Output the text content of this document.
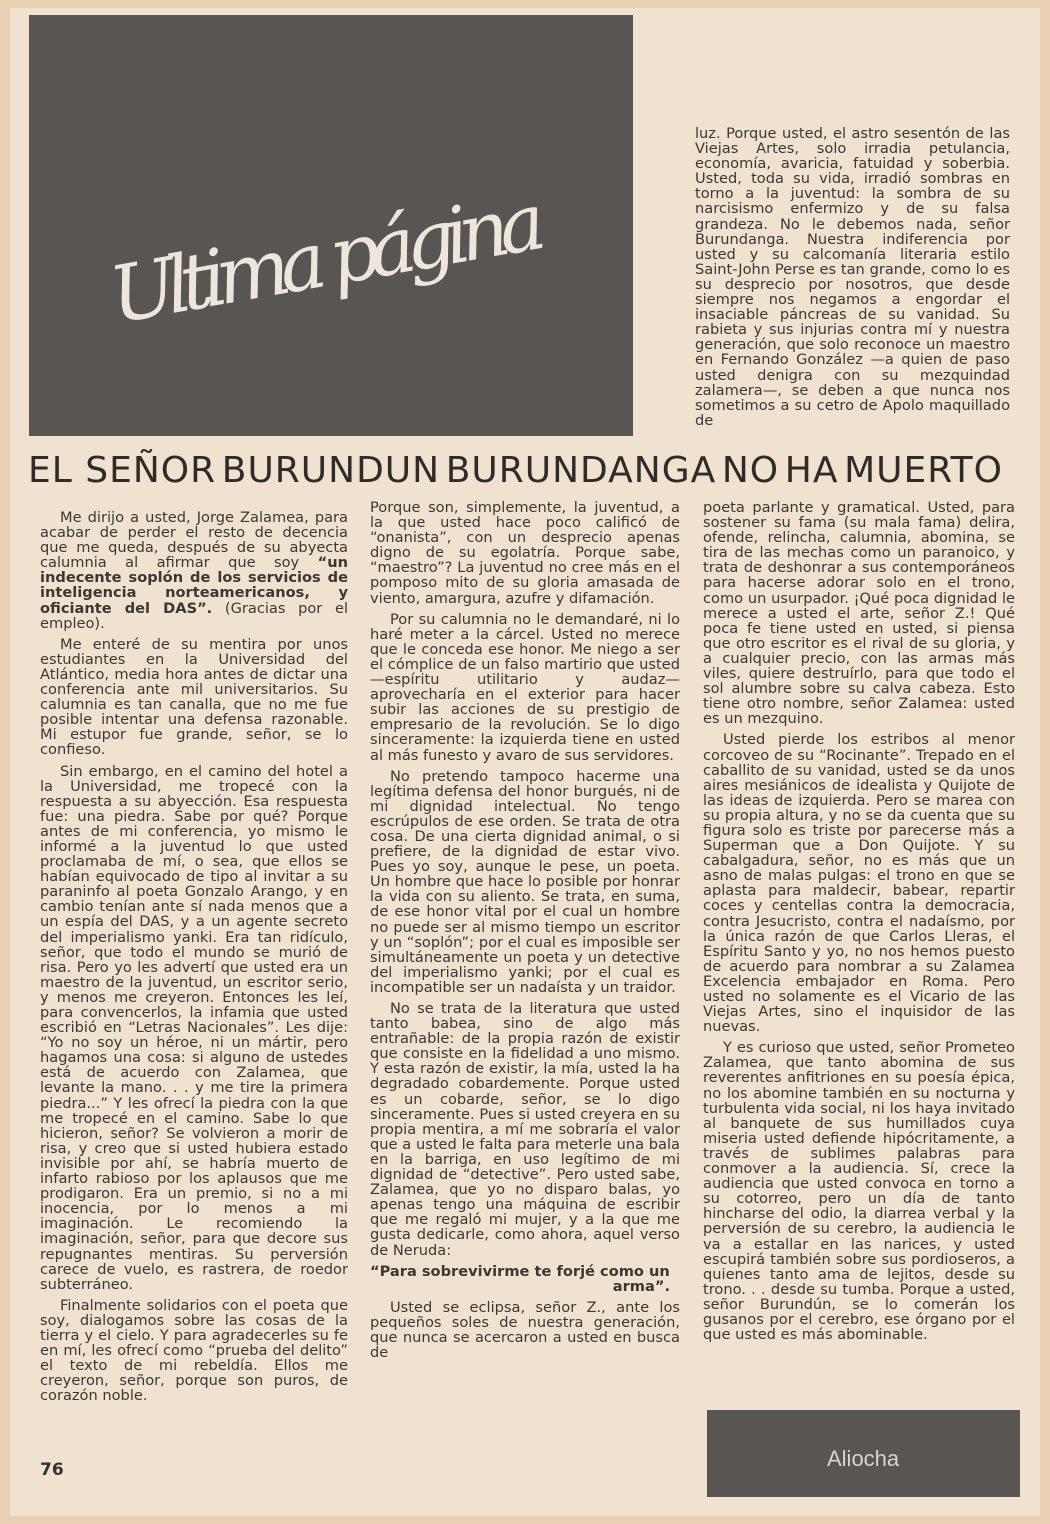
Ultima página

luz. Porque usted, el astro sesentón de las Viejas Artes, solo irradia petulancia, economía, avaricia, fatuidad y soberbia. Usted, toda su vida, irradió sombras en torno a la juventud: la sombra de su narcisismo enfermizo y de su falsa grandeza. No le debemos nada, señor Burundanga. Nuestra indiferencia por usted y su calcomanía literaria estilo Saint-John Perse es tan grande, como lo es su desprecio por nosotros, que desde siempre nos negamos a engordar el insaciable páncreas de su vanidad. Su rabieta y sus injurias contra mí y nuestra generación, que solo reconoce un maestro en Fernando González —a quien de paso usted denigra con su mezquindad zalamera—, se deben a que nunca nos sometimos a su cetro de Apolo maquillado de

EL SEÑOR BURUNDUN BURUNDANGA NO HA MUERTO

Me dirijo a usted, Jorge Zalamea, para acabar de perder el resto de decencia que me queda, después de su abyecta calumnia al afirmar que soy “un indecente soplón de los servicios de inteligencia norteamericanos, y oficiante del DAS”. (Gracias por el empleo).

Me enteré de su mentira por unos estudiantes en la Universidad del Atlántico, media hora antes de dictar una conferencia ante mil universitarios. Su calumnia es tan canalla, que no me fue posible intentar una defensa razonable. Mi estupor fue grande, señor, se lo confieso.

Sin embargo, en el camino del hotel a la Universidad, me tropecé con la respuesta a su abyección. Esa respuesta fue: una piedra. Sabe por qué? Porque antes de mi conferencia, yo mismo le informé a la juventud lo que usted proclamaba de mí, o sea, que ellos se habían equivocado de tipo al invitar a su paraninfo al poeta Gonzalo Arango, y en cambio tenían ante sí nada menos que a un espía del DAS, y a un agente secreto del imperialismo yanki. Era tan ridículo, señor, que todo el mundo se murió de risa. Pero yo les advertí que usted era un maestro de la juventud, un escritor serio, y menos me creyeron. Entonces les leí, para convencerlos, la infamia que usted escribió en “Letras Nacionales”. Les dije: “Yo no soy un héroe, ni un mártir, pero hagamos una cosa: si alguno de ustedes está de acuerdo con Zalamea, que levante la mano. . . y me tire la primera piedra...” Y les ofrecí la piedra con la que me tropecé en el camino. Sabe lo que hicieron, señor? Se volvieron a morir de risa, y creo que si usted hubiera estado invisible por ahí, se habría muerto de infarto rabioso por los aplausos que me prodigaron. Era un premio, si no a mi inocencia, por lo menos a mi imaginación. Le recomiendo la imaginación, señor, para que decore sus repugnantes mentiras. Su perversión carece de vuelo, es rastrera, de roedor subterráneo.

Finalmente solidarios con el poeta que soy, dialogamos sobre las cosas de la tierra y el cielo. Y para agradecerles su fe en mí, les ofrecí como “prueba del delito” el texto de mi rebeldía. Ellos me creyeron, señor, porque son puros, de corazón noble.

Porque son, simplemente, la juventud, a la que usted hace poco calificó de “onanista”, con un desprecio apenas digno de su egolatría. Porque sabe, “maestro”? La juventud no cree más en el pomposo mito de su gloria amasada de viento, amargura, azufre y difamación.

Por su calumnia no le demandaré, ni lo haré meter a la cárcel. Usted no merece que le conceda ese honor. Me niego a ser el cómplice de un falso martirio que usted —espíritu utilitario y audaz— aprovecharía en el exterior para hacer subir las acciones de su prestigio de empresario de la revolución. Se lo digo sinceramente: la izquierda tiene en usted al más funesto y avaro de sus servidores.

No pretendo tampoco hacerme una legítima defensa del honor burgués, ni de mi dignidad intelectual. No tengo escrúpulos de ese orden. Se trata de otra cosa. De una cierta dignidad animal, o si prefiere, de la dignidad de estar vivo. Pues yo soy, aunque le pese, un poeta. Un hombre que hace lo posible por honrar la vida con su aliento. Se trata, en suma, de ese honor vital por el cual un hombre no puede ser al mismo tiempo un escritor y un “soplón”; por el cual es imposible ser simultáneamente un poeta y un detective del imperialismo yanki; por el cual es incompatible ser un nadaísta y un traidor.

No se trata de la literatura que usted tanto babea, sino de algo más entrañable: de la propia razón de existir que consiste en la fidelidad a uno mismo. Y esta razón de existir, la mía, usted la ha degradado cobardemente. Porque usted es un cobarde, señor, se lo digo sinceramente. Pues si usted creyera en su propia mentira, a mí me sobraría el valor que a usted le falta para meterle una bala en la barriga, en uso legítimo de mi dignidad de “detective”. Pero usted sabe, Zalamea, que yo no disparo balas, yo apenas tengo una máquina de escribir que me regaló mi mujer, y a la que me gusta dedicarle, como ahora, aquel verso de Neruda:

“Para sobrevivirme te forjé como un
arma”.

Usted se eclipsa, señor Z., ante los pequeños soles de nuestra generación, que nunca se acercaron a usted en busca de

poeta parlante y gramatical. Usted, para sostener su fama (su mala fama) delira, ofende, relincha, calumnia, abomina, se tira de las mechas como un paranoico, y trata de deshonrar a sus contemporáneos para hacerse adorar solo en el trono, como un usurpador. ¡Qué poca dignidad le merece a usted el arte, señor Z.! Qué poca fe tiene usted en usted, si piensa que otro escritor es el rival de su gloria, y a cualquier precio, con las armas más viles, quiere destruírlo, para que todo el sol alumbre sobre su calva cabeza. Esto tiene otro nombre, señor Zalamea: usted es un mezquino.

Usted pierde los estribos al menor corcoveo de su “Rocinante”. Trepado en el caballito de su vanidad, usted se da unos aires mesiánicos de idealista y Quijote de las ideas de izquierda. Pero se marea con su propia altura, y no se da cuenta que su figura solo es triste por parecerse más a Superman que a Don Quijote. Y su cabalgadura, señor, no es más que un asno de malas pulgas: el trono en que se aplasta para maldecir, babear, repartir coces y centellas contra la democracia, contra Jesucristo, contra el nadaísmo, por la única razón de que Carlos Lleras, el Espíritu Santo y yo, no nos hemos puesto de acuerdo para nombrar a su Zalamea Excelencia embajador en Roma. Pero usted no solamente es el Vicario de las Viejas Artes, sino el inquisidor de las nuevas.

Y es curioso que usted, señor Prometeo Zalamea, que tanto abomina de sus reverentes anfitriones en su poesía épica, no los abomine también en su nocturna y turbulenta vida social, ni los haya invitado al banquete de sus humillados cuya miseria usted defiende hipócritamente, a través de sublimes palabras para conmover a la audiencia. Sí, crece la audiencia que usted convoca en torno a su cotorreo, pero un día de tanto hincharse del odio, la diarrea verbal y la perversión de su cerebro, la audiencia le va a estallar en las narices, y usted escupirá también sobre sus pordioseros, a quienes tanto ama de lejitos, desde su trono. . . desde su tumba. Porque a usted, señor Burundún, se lo comerán los gusanos por el cerebro, ese órgano por el que usted es más abominable.

76	Aliocha
